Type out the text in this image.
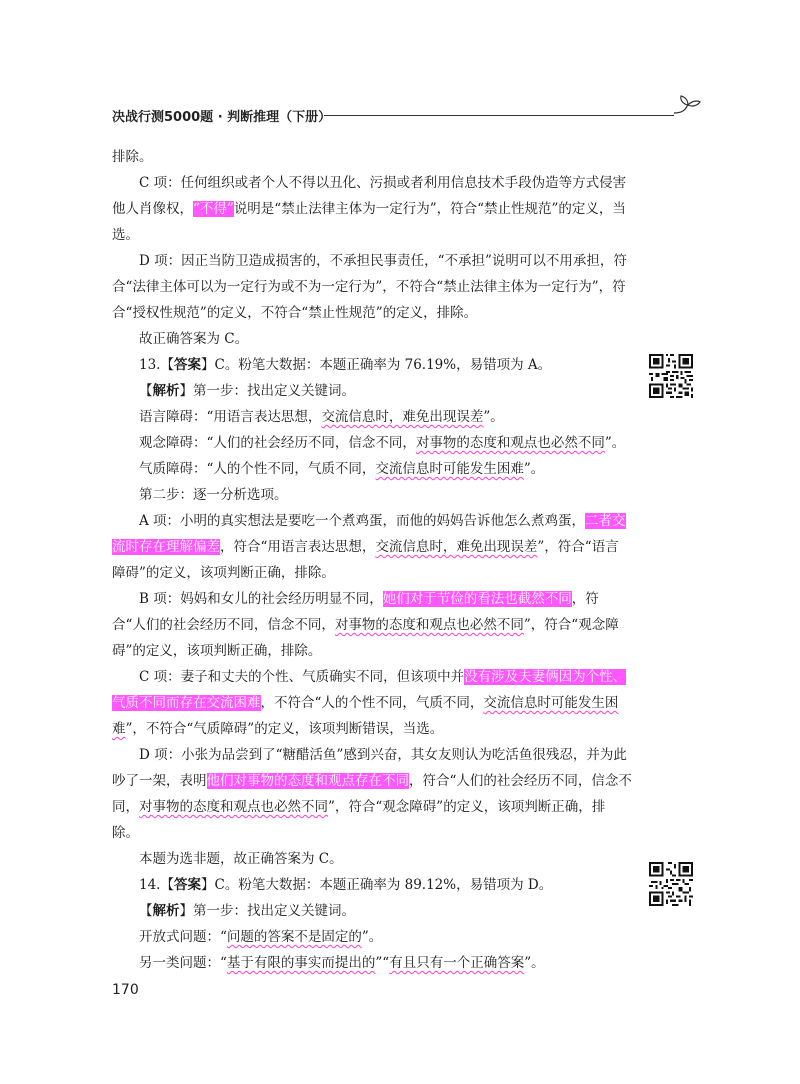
决战行测5000题 · 判断推理（下册）

排除。

C 项：任何组织或者个人不得以丑化、污损或者利用信息技术手段伪造等方式侵害他人肖像权，“不得”说明是“禁止法律主体为一定行为”，符合“禁止性规范”的定义，当选。

D 项：因正当防卫造成损害的，不承担民事责任，“不承担”说明可以不用承担，符合“法律主体可以为一定行为或不为一定行为”，不符合“禁止法律主体为一定行为”，符合“授权性规范”的定义，不符合“禁止性规范”的定义，排除。

故正确答案为 C。

13.【答案】C。粉笔大数据：本题正确率为 76.19%，易错项为 A。

【解析】第一步：找出定义关键词。

语言障碍：“用语言表达思想，交流信息时，难免出现误差”。

观念障碍：“人们的社会经历不同，信念不同，对事物的态度和观点也必然不同”。

气质障碍：“人的个性不同，气质不同，交流信息时可能发生困难”。

第二步：逐一分析选项。

A 项：小明的真实想法是要吃一个煮鸡蛋，而他的妈妈告诉他怎么煮鸡蛋，二者交流时存在理解偏差，符合“用语言表达思想，交流信息时，难免出现误差”，符合“语言障碍”的定义，该项判断正确，排除。

B 项：妈妈和女儿的社会经历明显不同，她们对于节俭的看法也截然不同，符合“人们的社会经历不同，信念不同，对事物的态度和观点也必然不同”，符合“观念障碍”的定义，该项判断正确，排除。

C 项：妻子和丈夫的个性、气质确实不同，但该项中并没有涉及夫妻俩因为个性、气质不同而存在交流困难，不符合“人的个性不同，气质不同，交流信息时可能发生困难”，不符合“气质障碍”的定义，该项判断错误，当选。

D 项：小张为品尝到了“糖醋活鱼”感到兴奋，其女友则认为吃活鱼很残忍，并为此吵了一架，表明他们对事物的态度和观点存在不同，符合“人们的社会经历不同，信念不同，对事物的态度和观点也必然不同”，符合“观念障碍”的定义，该项判断正确，排除。

本题为选非题，故正确答案为 C。

14.【答案】C。粉笔大数据：本题正确率为 89.12%，易错项为 D。

【解析】第一步：找出定义关键词。

开放式问题：“问题的答案不是固定的”。

另一类问题：“基于有限的事实而提出的”“有且只有一个正确答案”。

170
